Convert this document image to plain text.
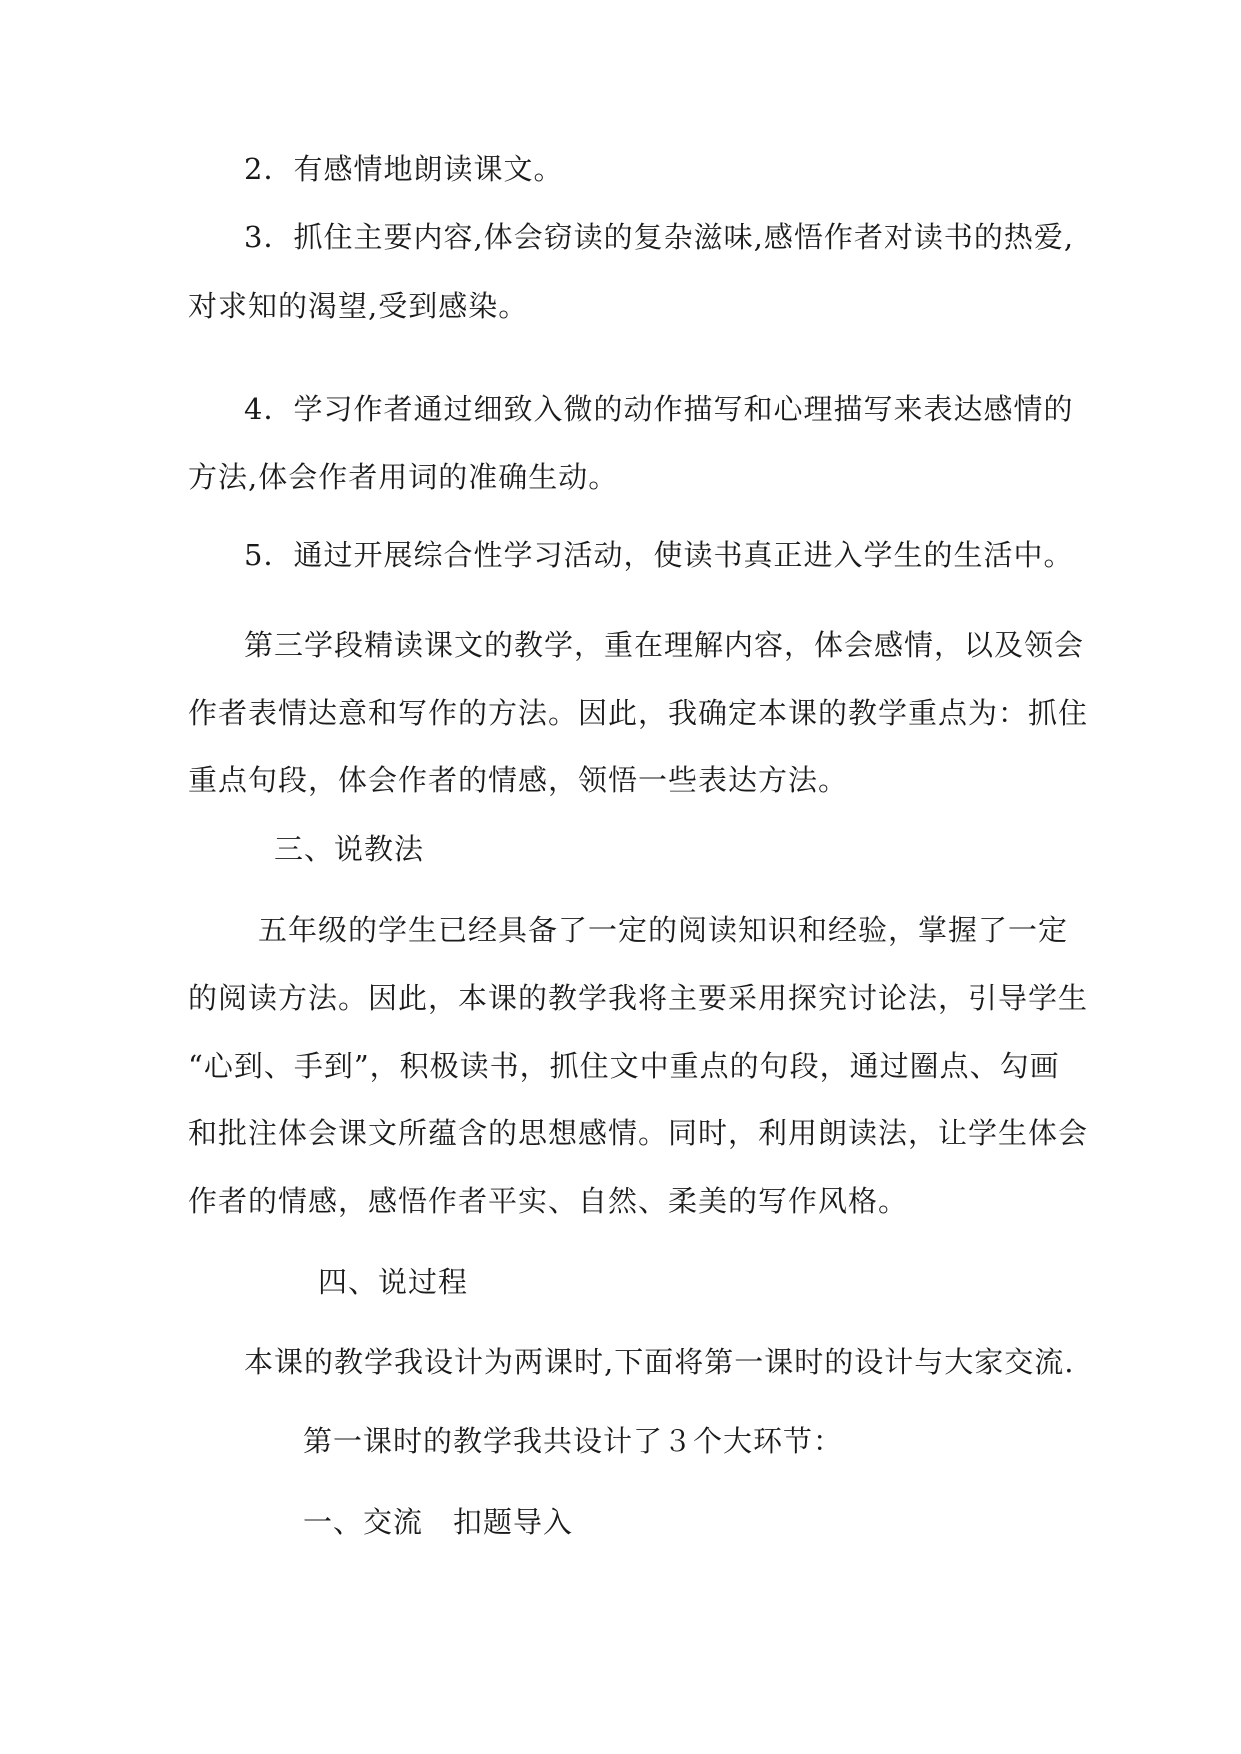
2．有感情地朗读课文。
3．抓住主要内容,体会窃读的复杂滋味,感悟作者对读书的热爱,
对求知的渴望,受到感染。
4．学习作者通过细致入微的动作描写和心理描写来表达感情的
方法,体会作者用词的准确生动。
5．通过开展综合性学习活动，使读书真正进入学生的生活中。
第三学段精读课文的教学，重在理解内容，体会感情，以及领会
作者表情达意和写作的方法。因此，我确定本课的教学重点为：抓住
重点句段，体会作者的情感，领悟一些表达方法。
三、说教法
五年级的学生已经具备了一定的阅读知识和经验，掌握了一定
的阅读方法。因此，本课的教学我将主要采用探究讨论法，引导学生
“心到、手到”，积极读书，抓住文中重点的句段，通过圈点、勾画
和批注体会课文所蕴含的思想感情。同时，利用朗读法，让学生体会
作者的情感，感悟作者平实、自然、柔美的写作风格。
四、说过程
本课的教学我设计为两课时,下面将第一课时的设计与大家交流.
第一课时的教学我共设计了３个大环节：
一、交流　扣题导入
